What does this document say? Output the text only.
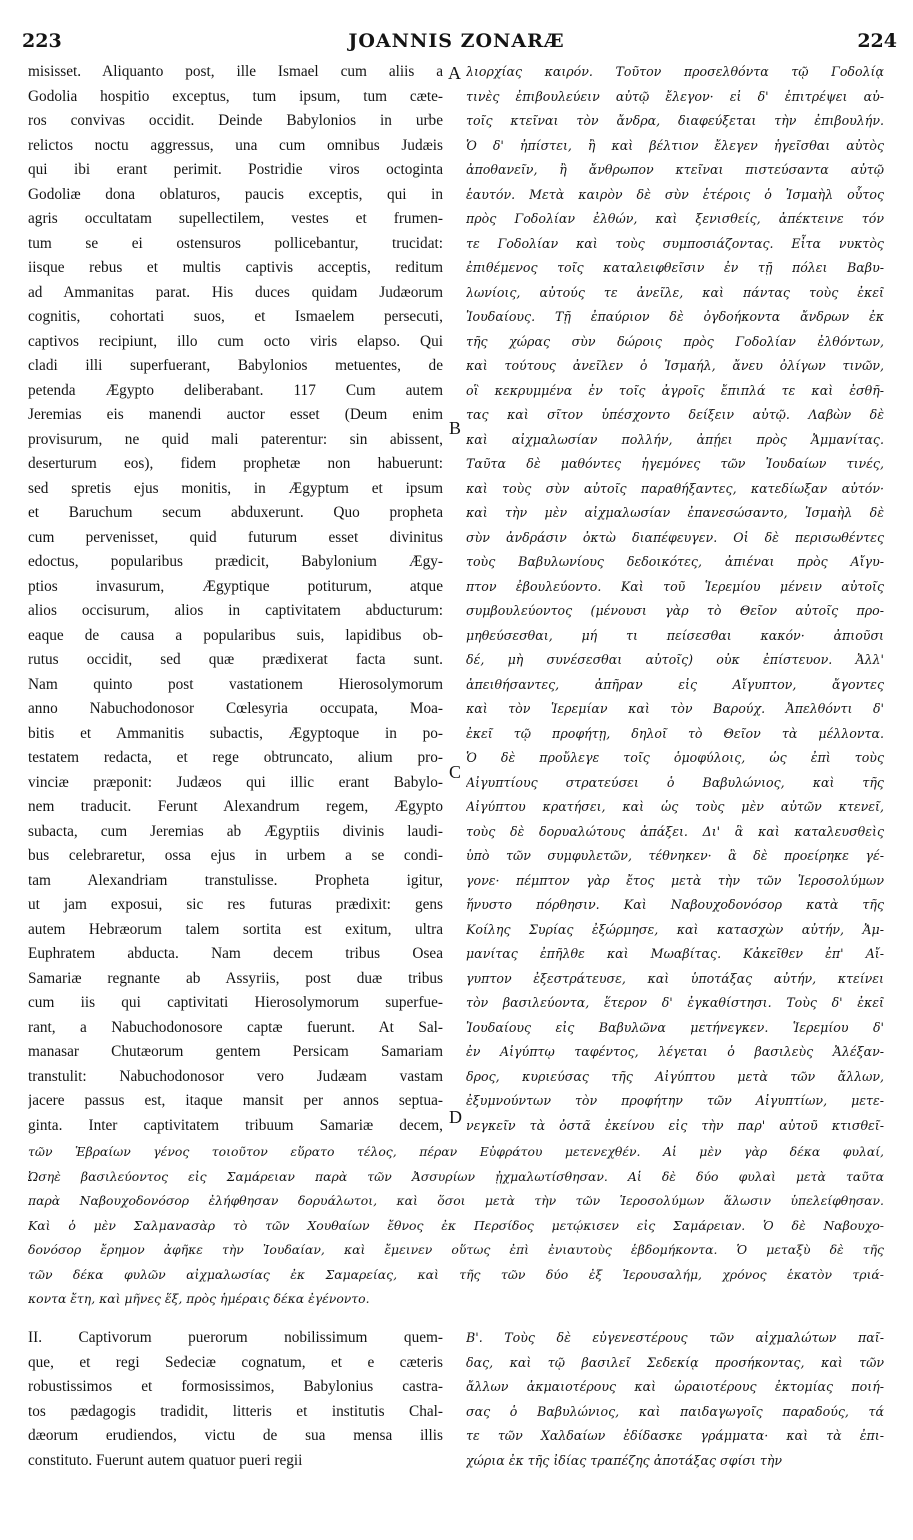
223	JOANNIS ZONARÆ	224
A
B
C
D
misisset. Aliquanto post, ille Ismael cum aliis a
Godolia hospitio exceptus, tum ipsum, tum cæte-
ros convivas occidit. Deinde Babylonios in urbe
relictos noctu aggressus, una cum omnibus Judæis
qui ibi erant perimit. Postridie viros octoginta
Godoliæ dona oblaturos, paucis exceptis, qui in
agris occultatam supellectilem, vestes et frumen-
tum se ei ostensuros pollicebantur, trucidat:
iisque rebus et multis captivis acceptis, reditum
ad Ammanitas parat. His duces quidam Judæorum
cognitis, cohortati suos, et Ismaelem persecuti,
captivos recipiunt, illo cum octo viris elapso. Qui
cladi illi superfuerant, Babylonios metuentes, de
petenda Ægypto deliberabant. 117 Cum autem
Jeremias eis manendi auctor esset (Deum enim
provisurum, ne quid mali paterentur: sin abissent,
deserturum eos), fidem prophetæ non habuerunt:
sed spretis ejus monitis, in Ægyptum et ipsum
et Baruchum secum abduxerunt. Quo propheta
cum pervenisset, quid futurum esset divinitus
edoctus, popularibus prædicit, Babylonium Ægy-
ptios invasurum, Ægyptique potiturum, atque
alios occisurum, alios in captivitatem abducturum:
eaque de causa a popularibus suis, lapidibus ob-
rutus occidit, sed quæ prædixerat facta sunt.
Nam quinto post vastationem Hierosolymorum
anno Nabuchodonosor Cœlesyria occupata, Moa-
bitis et Ammanitis subactis, Ægyptoque in po-
testatem redacta, et rege obtruncato, alium pro-
vinciæ præponit: Judæos qui illic erant Babylo-
nem traducit. Ferunt Alexandrum regem, Ægypto
subacta, cum Jeremias ab Ægyptiis divinis laudi-
bus celebraretur, ossa ejus in urbem a se condi-
tam Alexandriam transtulisse. Propheta igitur,
ut jam exposui, sic res futuras prædixit: gens
autem Hebræorum talem sortita est exitum, ultra
Euphratem abducta. Nam decem tribus Osea
Samariæ regnante ab Assyriis, post duæ tribus
cum iis qui captivitati Hierosolymorum superfue-
rant, a Nabuchodonosore captæ fuerunt. At Sal-
manasar Chutæorum gentem Persicam Samariam
transtulit: Nabuchodonosor vero Judæam vastam
jacere passus est, itaque mansit per annos septua-
ginta. Inter captivitatem tribuum Samariæ decem,
λιορχίας καιρόν. Τοῦτον προσελθόντα τῷ Γοδολίᾳ
τινὲς ἐπιβουλεύειν αὐτῷ ἔλεγον· εἰ δ' ἐπιτρέψει αὐ-
τοῖς κτεῖναι τὸν ἄνδρα, διαφεύξεται τὴν ἐπιβουλήν.
Ὁ δ' ἠπίστει, ἢ καὶ βέλτιον ἔλεγεν ἡγεῖσθαι αὐτὸς
ἀποθανεῖν, ἢ ἄνθρωπον κτεῖναι πιστεύσαντα αὐτῷ
ἑαυτόν. Μετὰ καιρὸν δὲ σὺν ἑτέροις ὁ Ἰσμαὴλ οὗτος
πρὸς Γοδολίαν ἐλθών, καὶ ξενισθείς, ἀπέκτεινε τόν
τε Γοδολίαν καὶ τοὺς συμποσιάζοντας. Εἶτα νυκτὸς
ἐπιθέμενος τοῖς καταλειφθεῖσιν ἐν τῇ πόλει Βαβυ-
λωνίοις, αὐτούς τε ἀνεῖλε, καὶ πάντας τοὺς ἐκεῖ
Ἰουδαίους. Τῇ ἐπαύριον δὲ ὀγδοήκοντα ἄνδρων ἐκ
τῆς χώρας σὺν δώροις πρὸς Γοδολίαν ἐλθόντων,
καὶ τούτους ἀνεῖλεν ὁ Ἰσμαήλ, ἄνευ ὀλίγων τινῶν,
οἳ κεκρυμμένα ἐν τοῖς ἀγροῖς ἔπιπλά τε καὶ ἐσθῆ-
τας καὶ σῖτον ὑπέσχοντο δείξειν αὐτῷ. Λαβὼν δὲ
καὶ αἰχμαλωσίαν πολλήν, ἀπῄει πρὸς Ἀμμανίτας.
Ταῦτα δὲ μαθόντες ἡγεμόνες τῶν Ἰουδαίων τινές,
καὶ τοὺς σὺν αὐτοῖς παραθήξαντες, κατεδίωξαν αὐτόν·
καὶ τὴν μὲν αἰχμαλωσίαν ἐπανεσώσαντο, Ἰσμαὴλ δὲ
σὺν ἀνδράσιν ὀκτὼ διαπέφευγεν. Οἱ δὲ περισωθέντες
τοὺς Βαβυλωνίους δεδοικότες, ἀπιέναι πρὸς Αἴγυ-
πτον ἐβουλεύοντο. Καὶ τοῦ Ἱερεμίου μένειν αὐτοῖς
συμβουλεύοντος (μένουσι γὰρ τὸ Θεῖον αὐτοῖς προ-
μηθεύσεσθαι, μή τι πείσεσθαι κακόν· ἀπιοῦσι
δέ, μὴ συνέσεσθαι αὐτοῖς) οὐκ ἐπίστευον. Ἀλλ'
ἀπειθήσαντες, ἀπῆραν εἰς Αἴγυπτον, ἄγοντες
καὶ τὸν Ἱερεμίαν καὶ τὸν Βαρούχ. Ἀπελθόντι δ'
ἐκεῖ τῷ προφήτῃ, δηλοῖ τὸ Θεῖον τὰ μέλλοντα.
Ὁ δὲ προὔλεγε τοῖς ὁμοφύλοις, ὡς ἐπὶ τοὺς
Αἰγυπτίους στρατεύσει ὁ Βαβυλώνιος, καὶ τῆς
Αἰγύπτου κρατήσει, καὶ ὡς τοὺς μὲν αὐτῶν κτενεῖ,
τοὺς δὲ δορυαλώτους ἀπάξει. Δι' ἃ καὶ καταλευσθεὶς
ὑπὸ τῶν συμφυλετῶν, τέθνηκεν· ἃ δὲ προείρηκε γέ-
γονε· πέμπτον γὰρ ἔτος μετὰ τὴν τῶν Ἱεροσολύμων
ἥνυστο πόρθησιν. Καὶ Ναβουχοδονόσορ κατὰ τῆς
Κοίλης Συρίας ἐξώρμησε, καὶ κατασχὼν αὐτήν, Ἀμ-
μανίτας ἐπῆλθε καὶ Μωαβίτας. Κἀκεῖθεν ἐπ' Αἴ-
γυπτον ἐξεστράτευσε, καὶ ὑποτάξας αὐτήν, κτείνει
τὸν βασιλεύοντα, ἕτερον δ' ἐγκαθίστησι. Τοὺς δ' ἐκεῖ
Ἰουδαίους εἰς Βαβυλῶνα μετήνεγκεν. Ἱερεμίου δ'
ἐν Αἰγύπτῳ ταφέντος, λέγεται ὁ βασιλεὺς Ἀλέξαν-
δρος, κυριεύσας τῆς Αἰγύπτου μετὰ τῶν ἄλλων,
ἐξυμνούντων τὸν προφήτην τῶν Αἰγυπτίων, μετε-
νεγκεῖν τὰ ὀστᾶ ἐκείνου εἰς τὴν παρ' αὐτοῦ κτισθεῖ-
τῶν Ἑβραίων γένος τοιοῦτον εὕρατο τέλος, πέραν Εὐφράτου μετενεχθέν. Αἱ μὲν γὰρ δέκα φυλαί,
Ὠσηὲ βασιλεύοντος εἰς Σαμάρειαν παρὰ τῶν Ἀσσυρίων ᾐχμαλωτίσθησαν. Αἱ δὲ δύο φυλαὶ μετὰ ταῦτα
παρὰ Ναβουχοδονόσορ ἐλήφθησαν δορυάλωτοι, καὶ ὅσοι μετὰ τὴν τῶν Ἱεροσολύμων ἅλωσιν ὑπελείφθησαν.
Καὶ ὁ μὲν Σαλμανασὰρ τὸ τῶν Χουθαίων ἔθνος ἐκ Περσίδος μετῴκισεν εἰς Σαμάρειαν. Ὁ δὲ Ναβουχο-
δονόσορ ἔρημον ἀφῆκε τὴν Ἰουδαίαν, καὶ ἔμεινεν οὕτως ἐπὶ ἐνιαυτοὺς ἑβδομήκοντα. Ὁ μεταξὺ δὲ τῆς
τῶν δέκα φυλῶν αἰχμαλωσίας ἐκ Σαμαρείας, καὶ τῆς τῶν δύο ἐξ Ἱερουσαλήμ, χρόνος ἑκατὸν τριά-
κοντα ἔτη, καὶ μῆνες ἕξ, πρὸς ἡμέραις δέκα ἐγένοντο.
II. Captivorum puerorum nobilissimum quem-
que, et regi Sedeciæ cognatum, et e cæteris
robustissimos et formosissimos, Babylonius castra-
tos pædagogis tradidit, litteris et institutis Chal-
dæorum erudiendos, victu de sua mensa illis
constituto. Fuerunt autem quatuor pueri regii
Β'. Τοὺς δὲ εὐγενεστέρους τῶν αἰχμαλώτων παῖ-
δας, καὶ τῷ βασιλεῖ Σεδεκίᾳ προσήκοντας, καὶ τῶν
ἄλλων ἀκμαιοτέρους καὶ ὡραιοτέρους ἐκτομίας ποιή-
σας ὁ Βαβυλώνιος, καὶ παιδαγωγοῖς παραδούς, τά
τε τῶν Χαλδαίων ἐδίδασκε γράμματα· καὶ τὰ ἐπι-
χώρια ἐκ τῆς ἰδίας τραπέζης ἀποτάξας σφίσι τὴν
